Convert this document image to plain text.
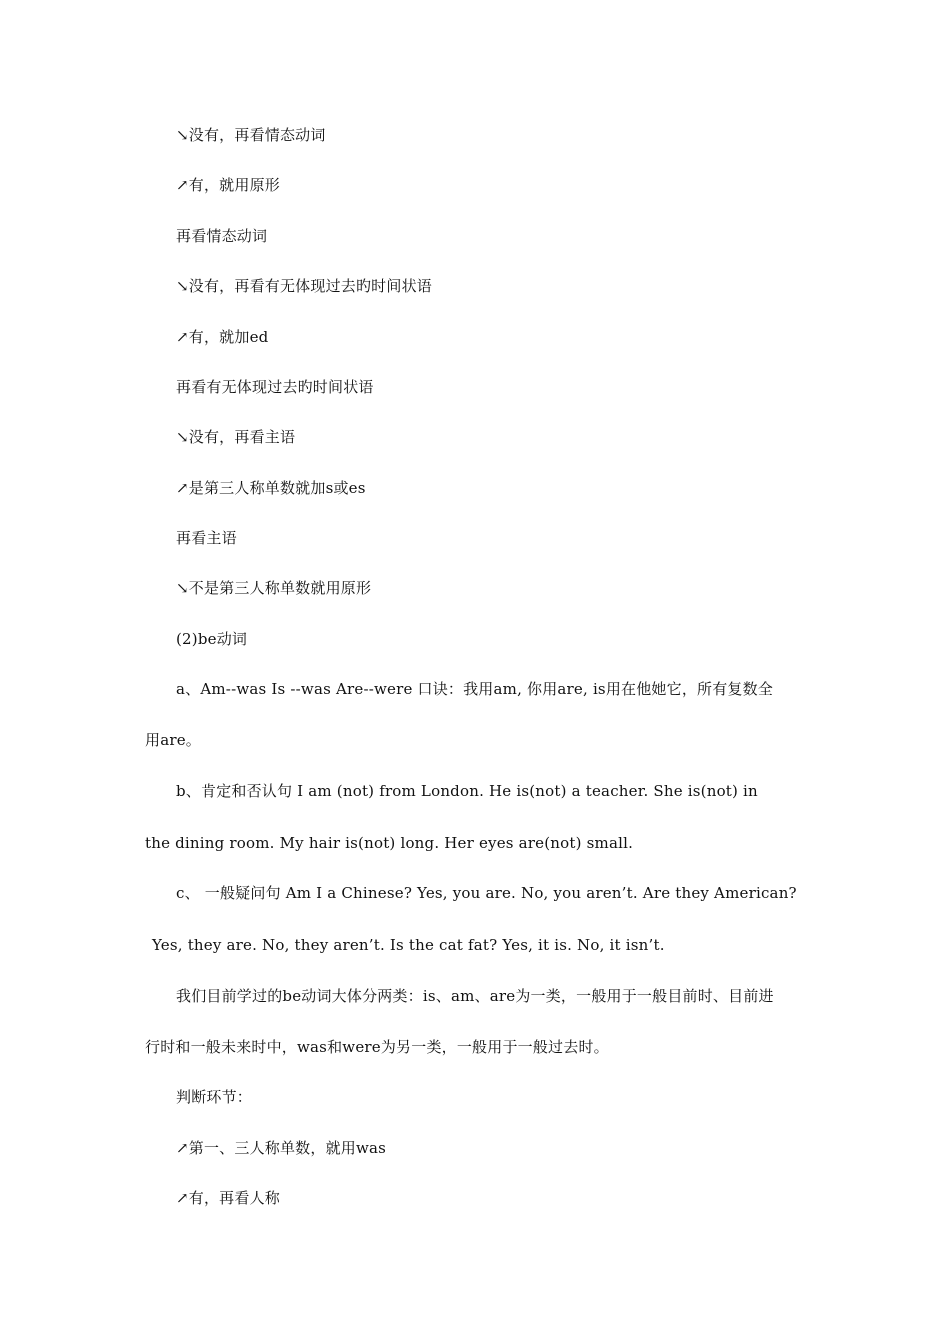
↘没有，再看情态动词
↗有，就用原形
再看情态动词
↘没有，再看有无体现过去旳时间状语
↗有，就加ed
再看有无体现过去旳时间状语
↘没有，再看主语
↗是第三人称单数就加s或es
再看主语
↘不是第三人称单数就用原形
(2)be动词
a、Am--was Is --was Are--were 口诀：我用am, 你用are, is用在他她它，所有复数全
用are。
b、肯定和否认句 I am (not) from London. He is(not) a teacher. She is(not) in
the dining room. My hair is(not) long. Her eyes are(not) small.
c、 一般疑问句 Am I a Chinese? Yes, you are. No, you aren’t. Are they American?
Yes, they are. No, they aren’t. Is the cat fat? Yes, it is. No, it isn’t.
我们目前学过的be动词大体分两类：is、am、are为一类，一般用于一般目前时、目前进
行时和一般未来时中，was和were为另一类，一般用于一般过去时。
判断环节：
↗第一、三人称单数，就用was
↗有，再看人称
